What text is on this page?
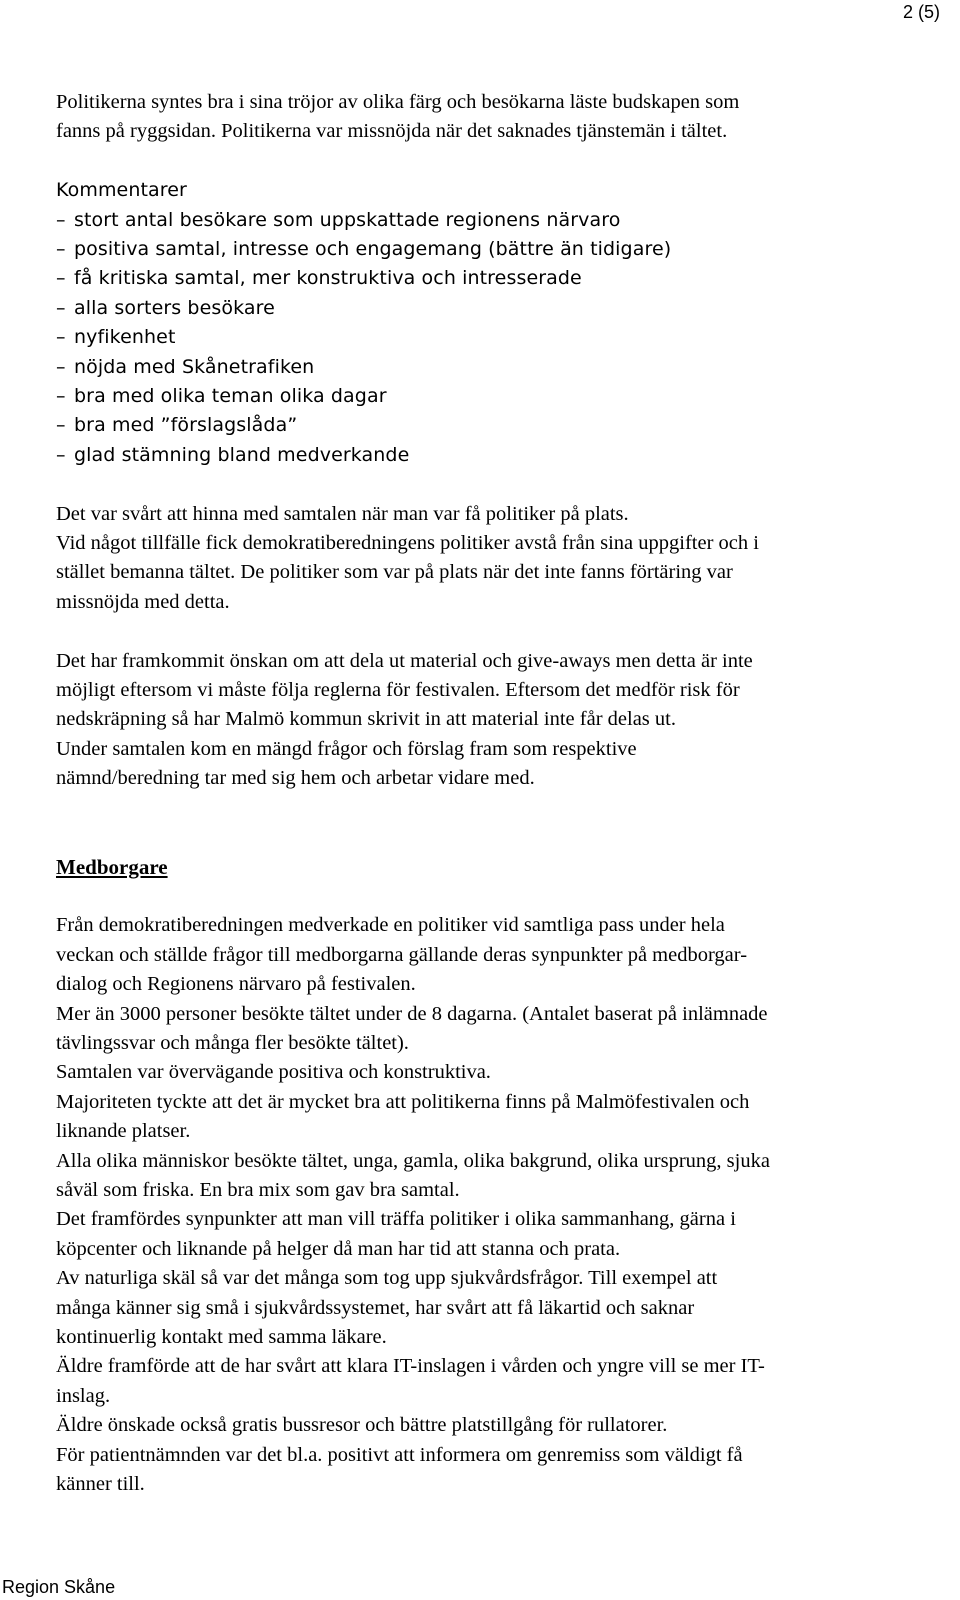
2 (5)

Politikerna syntes bra i sina tröjor av olika färg och besökarna läste budskapen som
fanns på ryggsidan. Politikerna var missnöjda när det saknades tjänstemän i tältet.

Kommentarer

– stort antal besökare som uppskattade regionens närvaro
– positiva samtal, intresse och engagemang (bättre än tidigare)
– få kritiska samtal, mer konstruktiva och intresserade
– alla sorters besökare
– nyfikenhet
– nöjda med Skånetrafiken
– bra med olika teman olika dagar
– bra med ”förslagslåda”
– glad stämning bland medverkande

Det var svårt att hinna med samtalen när man var få politiker på plats.
Vid något tillfälle fick demokratiberedningens politiker avstå från sina uppgifter och i
stället bemanna tältet. De politiker som var på plats när det inte fanns förtäring var
missnöjda med detta.

Det har framkommit önskan om att dela ut material och give-aways men detta är inte
möjligt eftersom vi måste följa reglerna för festivalen. Eftersom det medför risk för
nedskräpning så har Malmö kommun skrivit in att material inte får delas ut.
Under samtalen kom en mängd frågor och förslag fram som respektive
nämnd/beredning tar med sig hem och arbetar vidare med.

Medborgare

Från demokratiberedningen medverkade en politiker vid samtliga pass under hela
veckan och ställde frågor till medborgarna gällande deras synpunkter på medborgar-
dialog och Regionens närvaro på festivalen.
Mer än 3000 personer besökte tältet under de 8 dagarna. (Antalet baserat på inlämnade
tävlingssvar och många fler besökte tältet).
Samtalen var övervägande positiva och konstruktiva.
Majoriteten tyckte att det är mycket bra att politikerna finns på Malmöfestivalen och
liknande platser.
Alla olika människor besökte tältet, unga, gamla, olika bakgrund, olika ursprung, sjuka
såväl som friska. En bra mix som gav bra samtal.
Det framfördes synpunkter att man vill träffa politiker i olika sammanhang, gärna i
köpcenter och liknande på helger då man har tid att stanna och prata.
Av naturliga skäl så var det många som tog upp sjukvårdsfrågor. Till exempel att
många känner sig små i sjukvårdssystemet, har svårt att få läkartid och saknar
kontinuerlig kontakt med samma läkare.
Äldre framförde att de har svårt att klara IT-inslagen i vården och yngre vill se mer IT-
inslag.
Äldre önskade också gratis bussresor och bättre platstillgång för rullatorer.
För patientnämnden var det bl.a. positivt att informera om genremiss som väldigt få
känner till.

Region Skåne
